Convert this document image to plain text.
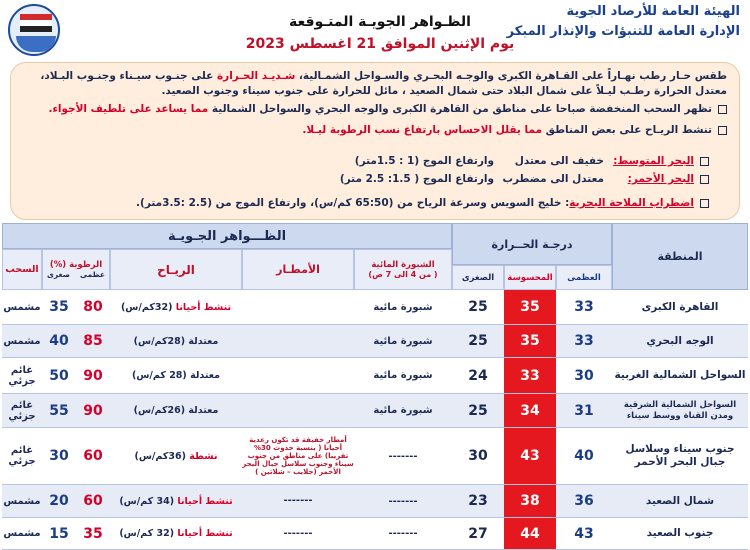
الهيئة العامة للأرصاد الجوية
الإدارة العامة للتنبؤات والإنذار المبكر
الظـواهر الجويـة المتـوقعة
يوم الإثنين الموافق 21 اغسطس 2023
طقس حـار رطب نهـاراً على القـاهرة الكبرى والوجـه البحـري والسـواحل الشمـالية، شـديـد الحـرارة على جنـوب سيـناء وجنـوب البـلاد،
معتدل الحرارة رطـب ليـلاً على شمال البلاد حتى شمال الصعيد ، مائل للحرارة على جنوب سيناء وجنوب الصعيد.
تظهر السحب المنخفضة صباحا على مناطق من القاهرة الكبرى والوجه البحري والسواحل الشمالية مما يساعد على تلطيف الأجواء.
تنشط الريـاح على بعض المناطق مما يقلل الاحساس بارتفاع نسب الرطوبة ليـلا.
البحر المتوسط:خفيف الى معتدلوارتفاع الموج (1 : 1.5متر)
البحر الأحمر:معتدل الى مضطربوارتفاع الموج ( 1.5: 2.5 متر)
اضطراب الملاحة البحرية: خليج السويس وسرعة الرياح من (65:50 كم/س)، وارتفاع الموج من (2.5 :3.5متر).
المنطقة
درجـة الحــرارة
الظـــواهر الجـويـة
العظمى
المحسوسة
الصغرى
الشبورة المائية
( من 4 الى 7 ص)
الأمطـار
الريـاح
الرطوبة (%)
عظمى
صغرى
السحب
القاهرة الكبرى
33
35
25
شبورة مائية
تنشط أحيانا

(32كم/س)
80
35
مشمس
الوجه البحري
33
35
25
شبورة مائية
معتدلة

(28كم/س)
85
40
مشمس
السواحل الشمالية الغربية
30
33
24
شبورة مائية
معتدلة

(28 كم/س)
90
50
غائم جزئي
السواحل الشمالية الشرقية ومدن القناة ووسط سيناء
31
34
25
شبورة مائية
معتدلة

(26كم/س)
90
55
غائم جزئي
جنوب سيناء وسلاسل جبال البحر الأحمر
40
43
30
-------
أمطار خفيفة قد تكون رعدية أحيانا ( بنسبة حدوث 30% تقريبا) على مناطق من جنوب سيناء وجنوب سلاسل جبال البحر الأحمر (حلايب – شلاتين )
نشطة

(36كم/س)
60
30
غائم جزئي
شمال الصعيد
36
38
23
-------
-------
تنشط أحيانا

(34 كم/س)
60
20
مشمس
جنوب الصعيد
43
44
27
-------
-------
تنشط أحيانا

(32 كم/س)
35
15
مشمس
